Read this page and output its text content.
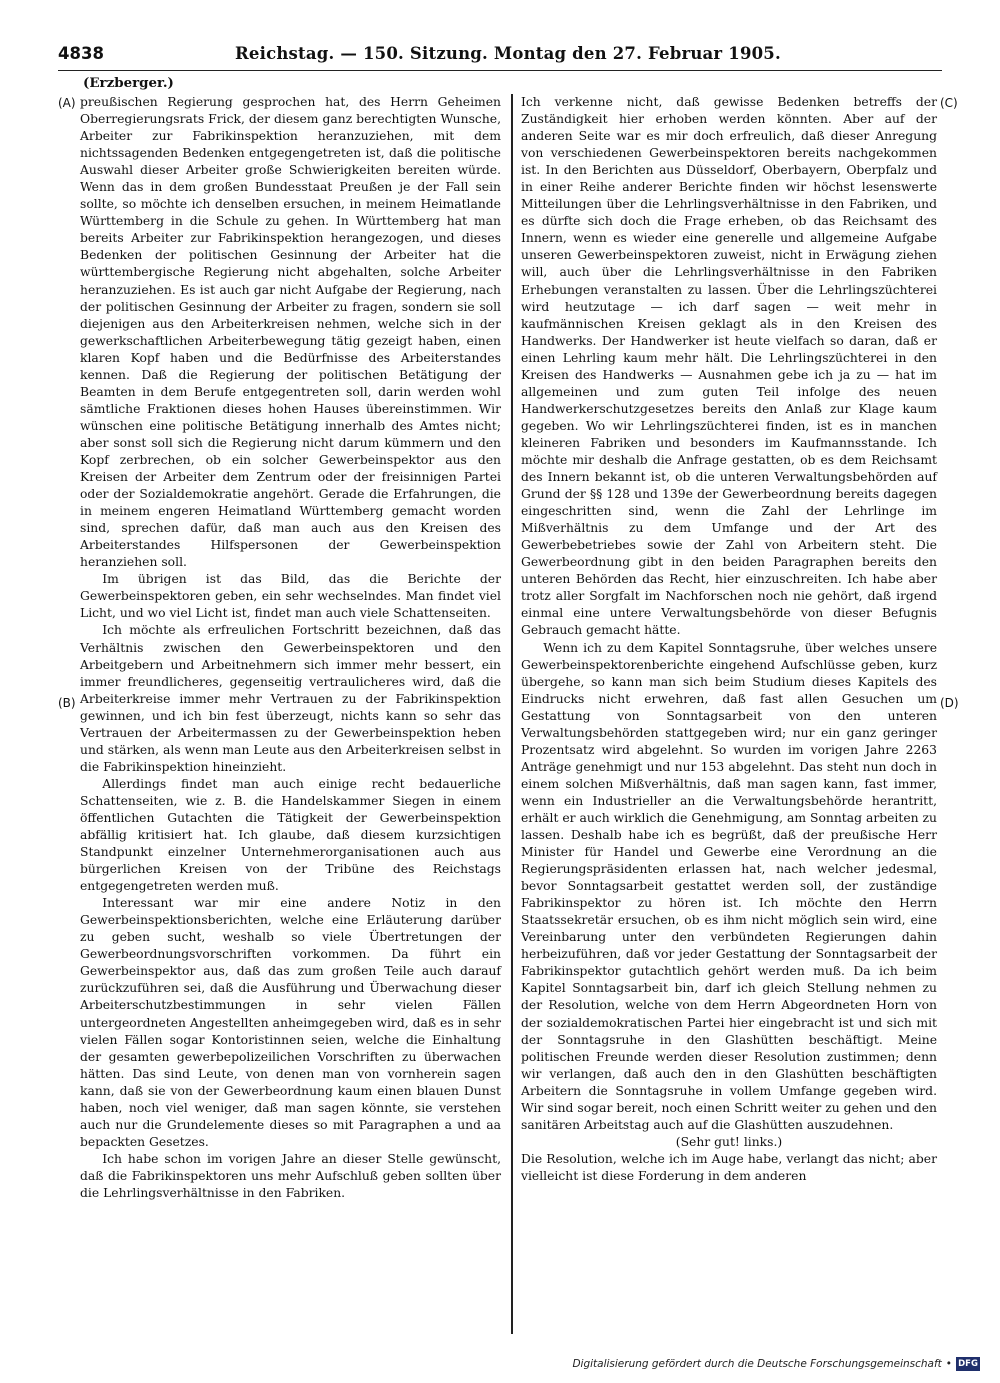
4838	Reichstag. — 150. Sitzung. Montag den 27. Februar 1905.
(Erzberger.)
(A)
(B)
(C)
(D)

preußischen Regierung gesprochen hat, des Herrn Geheimen Oberregierungsrats Frick, der diesem ganz berechtigten Wunsche, Arbeiter zur Fabrikinspektion heranzuziehen, mit dem nichtssagenden Bedenken entgegengetreten ist, daß die politische Auswahl dieser Arbeiter große Schwierigkeiten bereiten würde. Wenn das in dem großen Bundesstaat Preußen je der Fall sein sollte, so möchte ich denselben ersuchen, in meinem Heimatlande Württemberg in die Schule zu gehen. In Württemberg hat man bereits Arbeiter zur Fabrikinspektion herangezogen, und dieses Bedenken der politischen Gesinnung der Arbeiter hat die württembergische Regierung nicht abgehalten, solche Arbeiter heranzuziehen. Es ist auch gar nicht Aufgabe der Regierung, nach der politischen Gesinnung der Arbeiter zu fragen, sondern sie soll diejenigen aus den Arbeiterkreisen nehmen, welche sich in der gewerkschaftlichen Arbeiterbewegung tätig gezeigt haben, einen klaren Kopf haben und die Bedürfnisse des Arbeiterstandes kennen. Daß die Regierung der politischen Betätigung der Beamten in dem Berufe entgegentreten soll, darin werden wohl sämtliche Fraktionen dieses hohen Hauses übereinstimmen. Wir wünschen eine politische Betätigung innerhalb des Amtes nicht; aber sonst soll sich die Regierung nicht darum kümmern und den Kopf zerbrechen, ob ein solcher Gewerbeinspektor aus den Kreisen der Arbeiter dem Zentrum oder der freisinnigen Partei oder der Sozialdemokratie angehört. Gerade die Erfahrungen, die in meinem engeren Heimatland Württemberg gemacht worden sind, sprechen dafür, daß man auch aus den Kreisen des Arbeiterstandes Hilfspersonen der Gewerbeinspektion heranziehen soll.

Im übrigen ist das Bild, das die Berichte der Gewerbeinspektoren geben, ein sehr wechselndes. Man findet viel Licht, und wo viel Licht ist, findet man auch viele Schattenseiten.

Ich möchte als erfreulichen Fortschritt bezeichnen, daß das Verhältnis zwischen den Gewerbeinspektoren und den Arbeitgebern und Arbeitnehmern sich immer mehr bessert, ein immer freundlicheres, gegenseitig vertraulicheres wird, daß die Arbeiterkreise immer mehr Vertrauen zu der Fabrikinspektion gewinnen, und ich bin fest überzeugt, nichts kann so sehr das Vertrauen der Arbeitermassen zu der Gewerbeinspektion heben und stärken, als wenn man Leute aus den Arbeiterkreisen selbst in die Fabrikinspektion hineinzieht.

Allerdings findet man auch einige recht bedauerliche Schattenseiten, wie z. B. die Handelskammer Siegen in einem öffentlichen Gutachten die Tätigkeit der Gewerbeinspektion abfällig kritisiert hat. Ich glaube, daß diesem kurzsichtigen Standpunkt einzelner Unternehmerorganisationen auch aus bürgerlichen Kreisen von der Tribüne des Reichstags entgegengetreten werden muß.

Interessant war mir eine andere Notiz in den Gewerbeinspektionsberichten, welche eine Erläuterung darüber zu geben sucht, weshalb so viele Übertretungen der Gewerbeordnungsvorschriften vorkommen. Da führt ein Gewerbeinspektor aus, daß das zum großen Teile auch darauf zurückzuführen sei, daß die Ausführung und Überwachung dieser Arbeiterschutzbestimmungen in sehr vielen Fällen untergeordneten Angestellten anheimgegeben wird, daß es in sehr vielen Fällen sogar Kontoristinnen seien, welche die Einhaltung der gesamten gewerbepolizeilichen Vorschriften zu überwachen hätten. Das sind Leute, von denen man von vornherein sagen kann, daß sie von der Gewerbeordnung kaum einen blauen Dunst haben, noch viel weniger, daß man sagen könnte, sie verstehen auch nur die Grundelemente dieses so mit Paragraphen a und aa bepackten Gesetzes.

Ich habe schon im vorigen Jahre an dieser Stelle gewünscht, daß die Fabrikinspektoren uns mehr Aufschluß geben sollten über die Lehrlingsverhältnisse in den Fabriken.

Ich verkenne nicht, daß gewisse Bedenken betreffs der Zuständigkeit hier erhoben werden könnten. Aber auf der anderen Seite war es mir doch erfreulich, daß dieser Anregung von verschiedenen Gewerbeinspektoren bereits nachgekommen ist. In den Berichten aus Düsseldorf, Oberbayern, Oberpfalz und in einer Reihe anderer Berichte finden wir höchst lesenswerte Mitteilungen über die Lehrlingsverhältnisse in den Fabriken, und es dürfte sich doch die Frage erheben, ob das Reichsamt des Innern, wenn es wieder eine generelle und allgemeine Aufgabe unseren Gewerbeinspektoren zuweist, nicht in Erwägung ziehen will, auch über die Lehrlingsverhältnisse in den Fabriken Erhebungen veranstalten zu lassen. Über die Lehrlingszüchterei wird heutzutage — ich darf sagen — weit mehr in kaufmännischen Kreisen geklagt als in den Kreisen des Handwerks. Der Handwerker ist heute vielfach so daran, daß er einen Lehrling kaum mehr hält. Die Lehrlingszüchterei in den Kreisen des Handwerks — Ausnahmen gebe ich ja zu — hat im allgemeinen und zum guten Teil infolge des neuen Handwerkerschutzgesetzes bereits den Anlaß zur Klage kaum gegeben. Wo wir Lehrlingszüchterei finden, ist es in manchen kleineren Fabriken und besonders im Kaufmannsstande. Ich möchte mir deshalb die Anfrage gestatten, ob es dem Reichsamt des Innern bekannt ist, ob die unteren Verwaltungsbehörden auf Grund der §§ 128 und 139e der Gewerbeordnung bereits dagegen eingeschritten sind, wenn die Zahl der Lehrlinge im Mißverhältnis zu dem Umfange und der Art des Gewerbebetriebes sowie der Zahl von Arbeitern steht. Die Gewerbeordnung gibt in den beiden Paragraphen bereits den unteren Behörden das Recht, hier einzuschreiten. Ich habe aber trotz aller Sorgfalt im Nachforschen noch nie gehört, daß irgend einmal eine untere Verwaltungsbehörde von dieser Befugnis Gebrauch gemacht hätte.

Wenn ich zu dem Kapitel Sonntagsruhe, über welches unsere Gewerbeinspektorenberichte eingehend Aufschlüsse geben, kurz übergehe, so kann man sich beim Studium dieses Kapitels des Eindrucks nicht erwehren, daß fast allen Gesuchen um Gestattung von Sonntagsarbeit von den unteren Verwaltungsbehörden stattgegeben wird; nur ein ganz geringer Prozentsatz wird abgelehnt. So wurden im vorigen Jahre 2263 Anträge genehmigt und nur 153 abgelehnt. Das steht nun doch in einem solchen Mißverhältnis, daß man sagen kann, fast immer, wenn ein Industrieller an die Verwaltungsbehörde herantritt, erhält er auch wirklich die Genehmigung, am Sonntag arbeiten zu lassen. Deshalb habe ich es begrüßt, daß der preußische Herr Minister für Handel und Gewerbe eine Verordnung an die Regierungspräsidenten erlassen hat, nach welcher jedesmal, bevor Sonntagsarbeit gestattet werden soll, der zuständige Fabrikinspektor zu hören ist. Ich möchte den Herrn Staatssekretär ersuchen, ob es ihm nicht möglich sein wird, eine Vereinbarung unter den verbündeten Regierungen dahin herbeizuführen, daß vor jeder Gestattung der Sonntagsarbeit der Fabrikinspektor gutachtlich gehört werden muß. Da ich beim Kapitel Sonntagsarbeit bin, darf ich gleich Stellung nehmen zu der Resolution, welche von dem Herrn Abgeordneten Horn von der sozialdemokratischen Partei hier eingebracht ist und sich mit der Sonntagsruhe in den Glashütten beschäftigt. Meine politischen Freunde werden dieser Resolution zustimmen; denn wir verlangen, daß auch den in den Glashütten beschäftigten Arbeitern die Sonntagsruhe in vollem Umfange gegeben wird. Wir sind sogar bereit, noch einen Schritt weiter zu gehen und den sanitären Arbeitstag auch auf die Glashütten auszudehnen.

(Sehr gut! links.)

Die Resolution, welche ich im Auge habe, verlangt das nicht; aber vielleicht ist diese Forderung in dem anderen

Digitalisierung gefördert durch die Deutsche Forschungsgemeinschaft • DFG
